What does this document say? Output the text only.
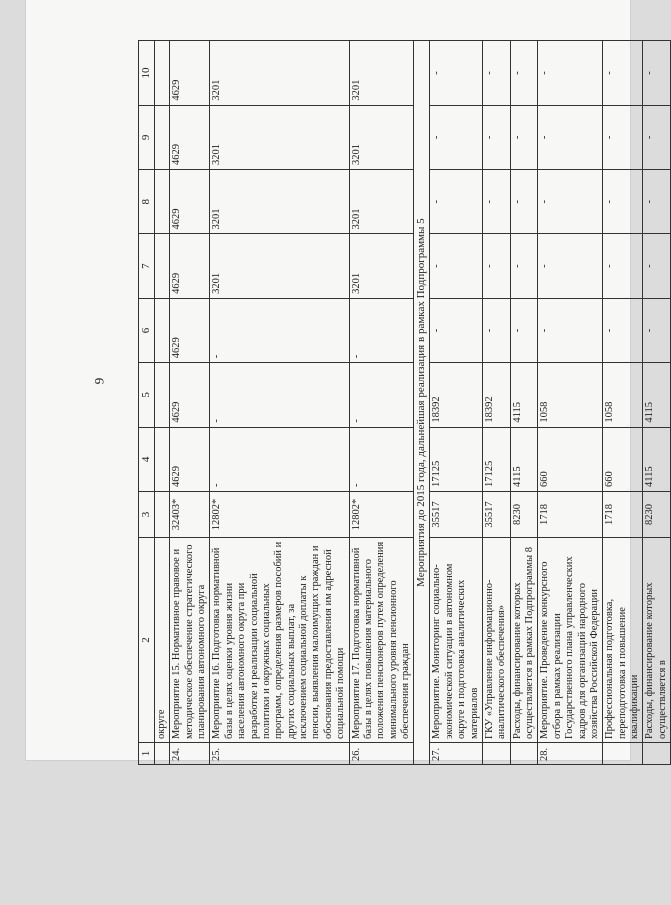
9
1	2	3	4	5	6	7	8	9	10
	округе								
24.	Мероприятие 15. Нормативное правовое и методическое обеспечение стратегического планирования автономного округа	32403*	4629	4629	4629	4629	4629	4629	4629
25.	Мероприятие 16. Подготовка нормативной базы в целях оценки уровня жизни населения автономного округа при разработке и реализации социальной политики и окружных социальных программ, определения размеров пособий и других социальных выплат, за исключением социальной доплаты к пенсии, выявления малоимущих граждан и обоснования предоставления им адресной социальной помощи	12802*	-	-	-	3201	3201	3201	3201
26.	Мероприятие 17. Подготовка нормативной базы в целях повышения материального положения пенсионеров путем определения минимального уровня пенсионного обеспечения граждан	12802*	-	-	-	3201	3201	3201	3201
Мероприятия до 2015 года, дальнейшая реализация в рамках Подпрограммы 5									
27.	Мероприятие. Мониторинг социально-экономической ситуации в автономном округе и подготовка аналитических материалов	35517	17125	18392	-	-	-	-	-
	ГКУ «Управление информационно-аналитического обеспечения»	35517	17125	18392	-	-	-	-	-
	Расходы, финансирование которых осуществляется в рамках Подпрограммы 8	8230	4115	4115	-	-	-	-	-
28.	Мероприятие. Проведение конкурсного отбора в рамках реализации Государственного плана управленческих кадров для организаций народного хозяйства Российской Федерации	1718	660	1058	-	-	-	-	-
	Профессиональная подготовка, переподготовка и повышение квалификации	1718	660	1058	-	-	-	-	-
	Расходы, финансирование которых осуществляется в	8230	4115	4115	-	-	-	-	-
